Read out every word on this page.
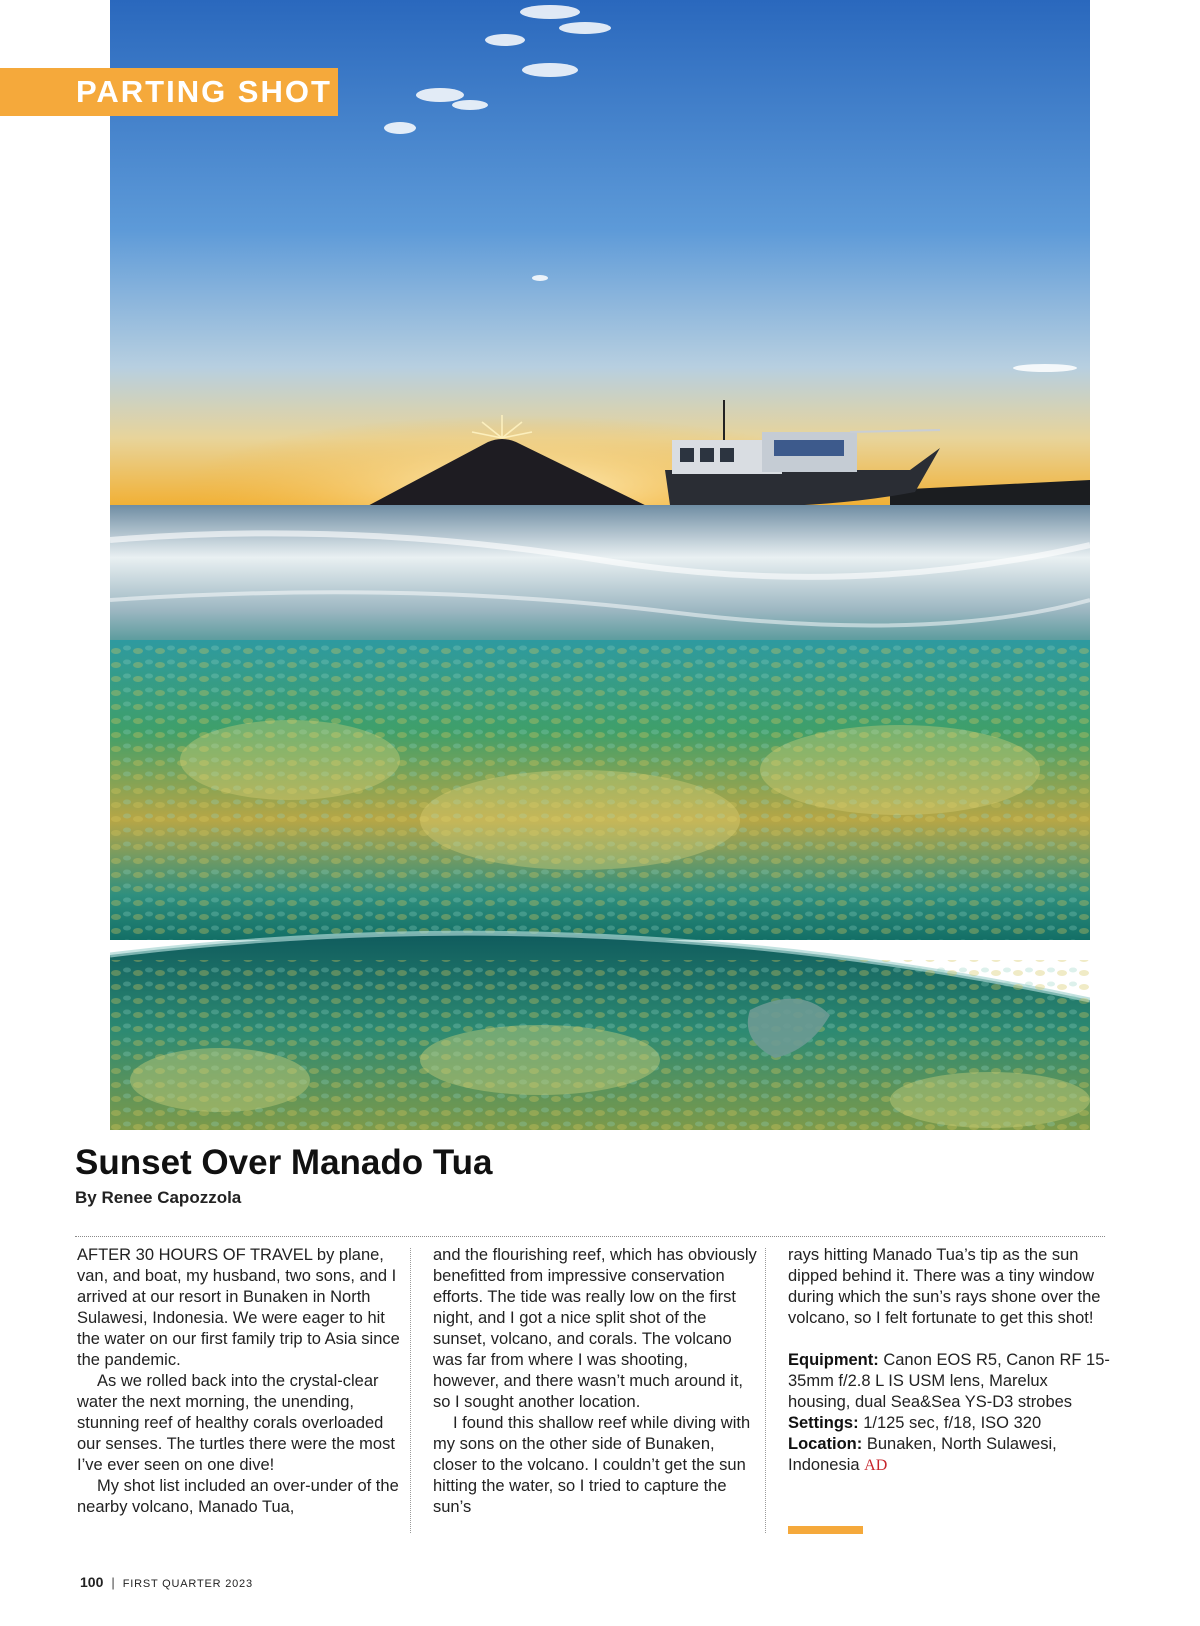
PARTING SHOT
Sunset Over Manado Tua
By Renee Capozzola

AFTER 30 HOURS OF TRAVEL by plane, van, and boat, my husband, two sons, and I arrived at our resort in Bunaken in North Sulawesi, Indonesia. We were eager to hit the water on our first family trip to Asia since the pandemic.

As we rolled back into the crystal-clear water the next morning, the unending, stunning reef of healthy corals overloaded our senses. The turtles there were the most I’ve ever seen on one dive!

My shot list included an over-under of the nearby volcano, Manado Tua,

and the flourishing reef, which has obviously benefitted from impressive conservation efforts. The tide was really low on the first night, and I got a nice split shot of the sunset, volcano, and corals. The volcano was far from where I was shooting, however, and there wasn’t much around it, so I sought another location.

I found this shallow reef while diving with my sons on the other side of Bunaken, closer to the volcano. I couldn’t get the sun hitting the water, so I tried to capture the sun’s

rays hitting Manado Tua’s tip as the sun dipped behind it. There was a tiny window during which the sun’s rays shone over the volcano, so I felt fortunate to get this shot!

Equipment: Canon EOS R5, Canon RF 15-35mm f/2.8 L IS USM lens, Marelux housing, dual Sea&Sea YS-D3 strobes
Settings: 1/125 sec, f/18, ISO 320
Location: Bunaken, North Sulawesi, Indonesia AD

100 | FIRST QUARTER 2023
